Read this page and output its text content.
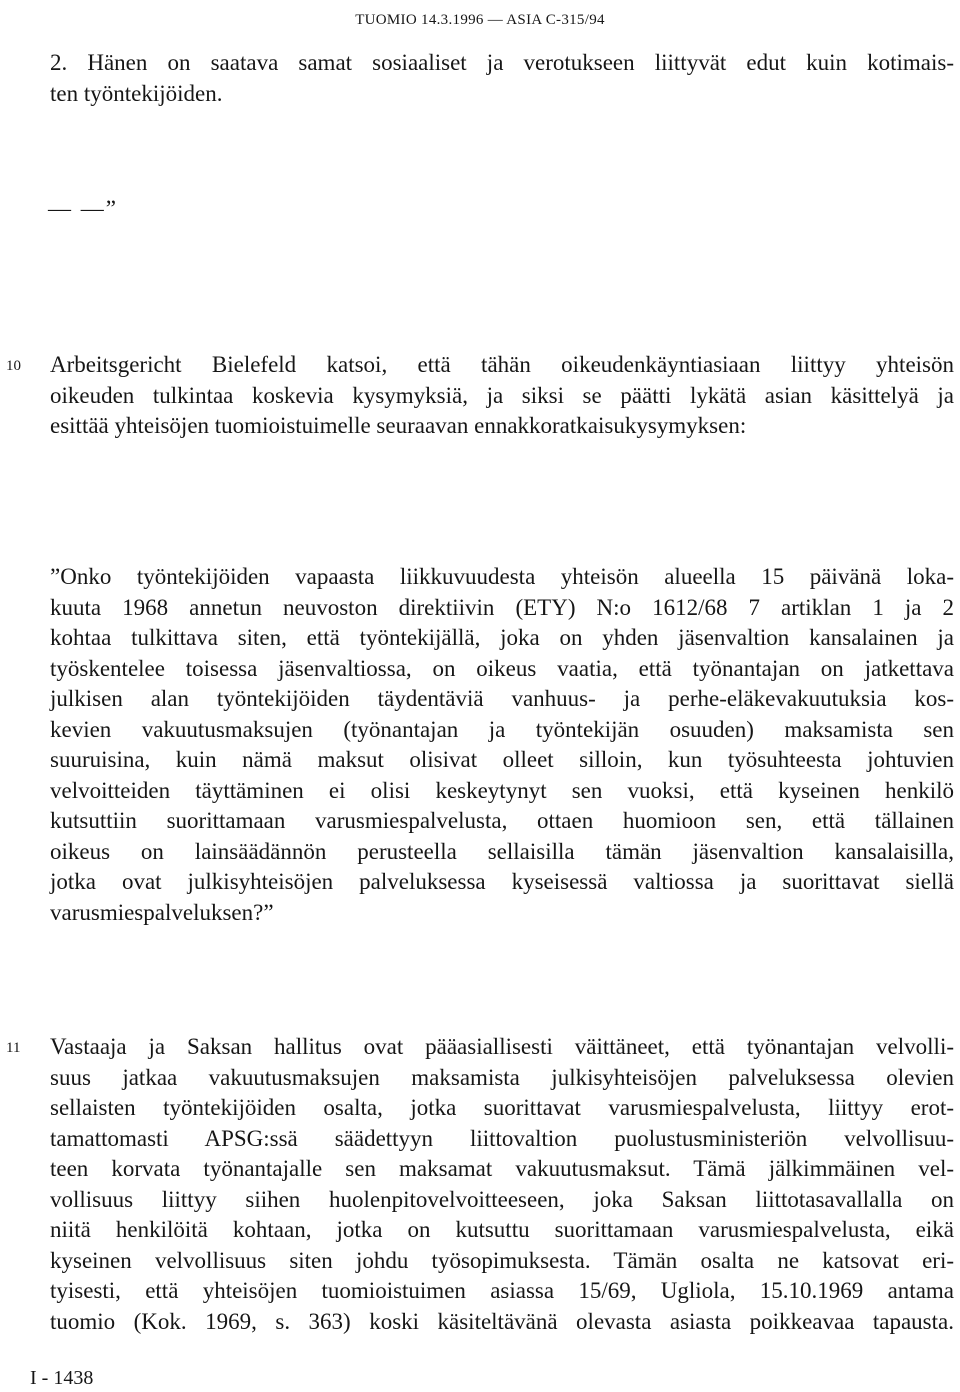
TUOMIO 14.3.1996 — ASIA C-315/94
2. Hänen on saatava samat sosiaaliset ja verotukseen liittyvät edut kuin kotimais-
ten työntekijöiden.
— —”
10 Arbeitsgericht Bielefeld katsoi, että tähän oikeudenkäyntiasiaan liittyy yhteisön
oikeuden tulkintaa koskevia kysymyksiä, ja siksi se päätti lykätä asian käsittelyä ja
esittää yhteisöjen tuomioistuimelle seuraavan ennakkoratkaisukysymyksen:
”Onko työntekijöiden vapaasta liikkuvuudesta yhteisön alueella 15 päivänä loka-
kuuta 1968 annetun neuvoston direktiivin (ETY) N:o 1612/68 7 artiklan 1 ja 2
kohtaa tulkittava siten, että työntekijällä, joka on yhden jäsenvaltion kansalainen ja
työskentelee toisessa jäsenvaltiossa, on oikeus vaatia, että työnantajan on jatkettava
julkisen alan työntekijöiden täydentäviä vanhuus- ja perhe-eläkevakuutuksia kos-
kevien vakuutusmaksujen (työnantajan ja työntekijän osuuden) maksamista sen
suuruisina, kuin nämä maksut olisivat olleet silloin, kun työsuhteesta johtuvien
velvoitteiden täyttäminen ei olisi keskeytynyt sen vuoksi, että kyseinen henkilö
kutsuttiin suorittamaan varusmiespalvelusta, ottaen huomioon sen, että tällainen
oikeus on lainsäädännön perusteella sellaisilla tämän jäsenvaltion kansalaisilla,
jotka ovat julkisyhteisöjen palveluksessa kyseisessä valtiossa ja suorittavat siellä
varusmiespalveluksen?”
11 Vastaaja ja Saksan hallitus ovat pääasiallisesti väittäneet, että työnantajan velvolli-
suus jatkaa vakuutusmaksujen maksamista julkisyhteisöjen palveluksessa olevien
sellaisten työntekijöiden osalta, jotka suorittavat varusmiespalvelusta, liittyy erot-
tamattomasti APSG:ssä säädettyyn liittovaltion puolustusministeriön velvollisuu-
teen korvata työnantajalle sen maksamat vakuutusmaksut. Tämä jälkimmäinen vel-
vollisuus liittyy siihen huolenpitovelvoitteeseen, joka Saksan liittotasavallalla on
niitä henkilöitä kohtaan, jotka on kutsuttu suorittamaan varusmiespalvelusta, eikä
kyseinen velvollisuus siten johdu työsopimuksesta. Tämän osalta ne katsovat eri-
tyisesti, että yhteisöjen tuomioistuimen asiassa 15/69, Ugliola, 15.10.1969 antama
tuomio (Kok. 1969, s. 363) koski käsiteltävänä olevasta asiasta poikkeavaa tapausta.
I - 1438
